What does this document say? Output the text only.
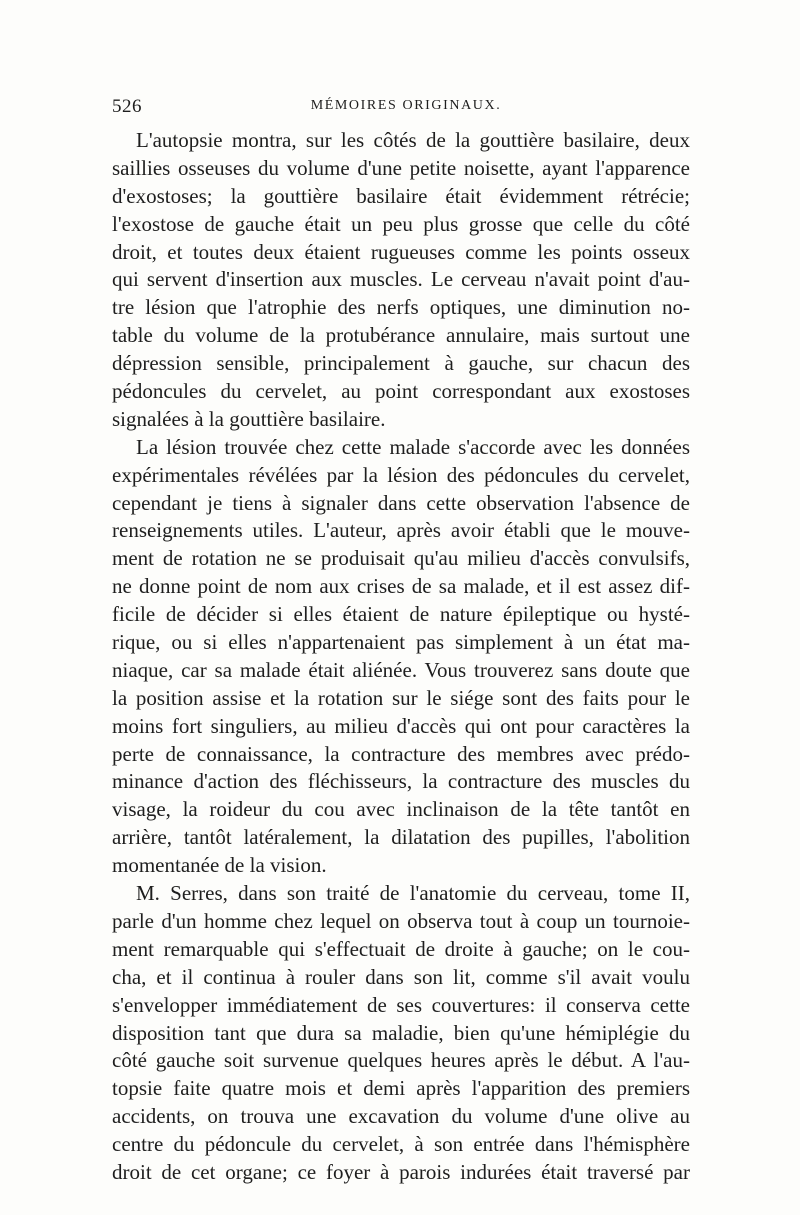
526	MÉMOIRES ORIGINAUX.
L'autopsie montra, sur les côtés de la gouttière basilaire, deux
saillies osseuses du volume d'une petite noisette, ayant l'apparence
d'exostoses; la gouttière basilaire était évidemment rétrécie;
l'exostose de gauche était un peu plus grosse que celle du côté
droit, et toutes deux étaient rugueuses comme les points osseux
qui servent d'insertion aux muscles. Le cerveau n'avait point d'au-
tre lésion que l'atrophie des nerfs optiques, une diminution no-
table du volume de la protubérance annulaire, mais surtout une
dépression sensible, principalement à gauche, sur chacun des
pédoncules du cervelet, au point correspondant aux exostoses
signalées à la gouttière basilaire.
La lésion trouvée chez cette malade s'accorde avec les données
expérimentales révélées par la lésion des pédoncules du cervelet,
cependant je tiens à signaler dans cette observation l'absence de
renseignements utiles. L'auteur, après avoir établi que le mouve-
ment de rotation ne se produisait qu'au milieu d'accès convulsifs,
ne donne point de nom aux crises de sa malade, et il est assez dif-
ficile de décider si elles étaient de nature épileptique ou hysté-
rique, ou si elles n'appartenaient pas simplement à un état ma-
niaque, car sa malade était aliénée. Vous trouverez sans doute que
la position assise et la rotation sur le siége sont des faits pour le
moins fort singuliers, au milieu d'accès qui ont pour caractères la
perte de connaissance, la contracture des membres avec prédo-
minance d'action des fléchisseurs, la contracture des muscles du
visage, la roideur du cou avec inclinaison de la tête tantôt en
arrière, tantôt latéralement, la dilatation des pupilles, l'abolition
momentanée de la vision.
M. Serres, dans son traité de l'anatomie du cerveau, tome II,
parle d'un homme chez lequel on observa tout à coup un tournoie-
ment remarquable qui s'effectuait de droite à gauche; on le cou-
cha, et il continua à rouler dans son lit, comme s'il avait voulu
s'envelopper immédiatement de ses couvertures: il conserva cette
disposition tant que dura sa maladie, bien qu'une hémiplégie du
côté gauche soit survenue quelques heures après le début. A l'au-
topsie faite quatre mois et demi après l'apparition des premiers
accidents, on trouva une excavation du volume d'une olive au
centre du pédoncule du cervelet, à son entrée dans l'hémisphère
droit de cet organe; ce foyer à parois indurées était traversé par
